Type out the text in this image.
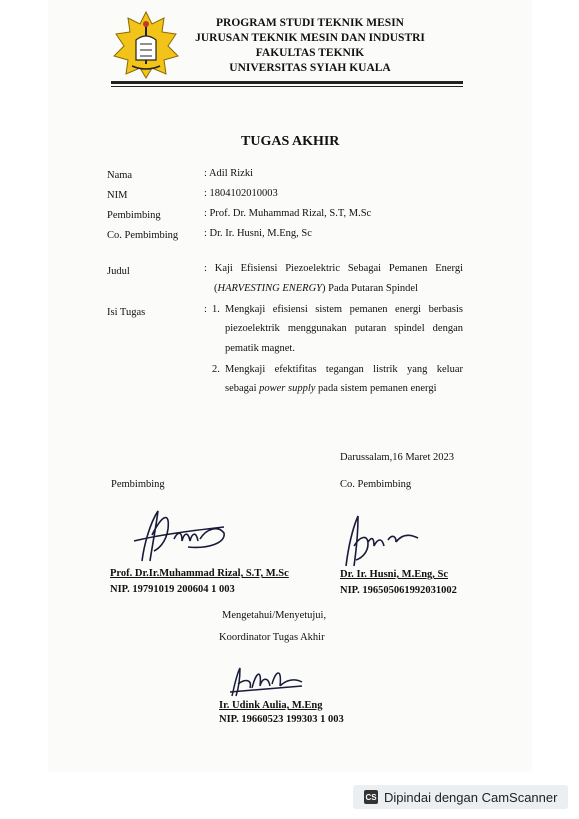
PROGRAM STUDI TEKNIK MESIN
JURUSAN TEKNIK MESIN DAN INDUSTRI
FAKULTAS TEKNIK
UNIVERSITAS SYIAH KUALA
TUGAS AKHIR
Nama	: Adil Rizki
NIM	: 1804102010003
Pembimbing	: Prof. Dr. Muhammad Rizal, S.T, M.Sc
Co. Pembimbing : Dr. Ir. Husni, M.Eng, Sc
Judul	: Kaji Efisiensi Piezoelektric Sebagai Pemanen Energi
(HARVESTING ENERGY) Pada Putaran Spindel
Isi Tugas	: 1. Mengkaji efisiensi sistem pemanen energi berbasis
piezoelektrik menggunakan putaran spindel dengan
pematik magnet.
2. Mengkaji efektifitas tegangan listrik yang keluar
sebagai power supply pada sistem pemanen energi
Darussalam,16 Maret 2023
Pembimbing	Co. Pembimbing
Prof. Dr.Ir.Muhammad Rizal, S.T, M.Sc
NIP. 19791019 200604 1 003
Dr. Ir. Husni, M.Eng, Sc
NIP. 196505061992031002
Mengetahui/Menyetujui,
Koordinator Tugas Akhir
Ir. Udink Aulia, M.Eng
NIP. 19660523 199303 1 003
CS Dipindai dengan CamScanner
